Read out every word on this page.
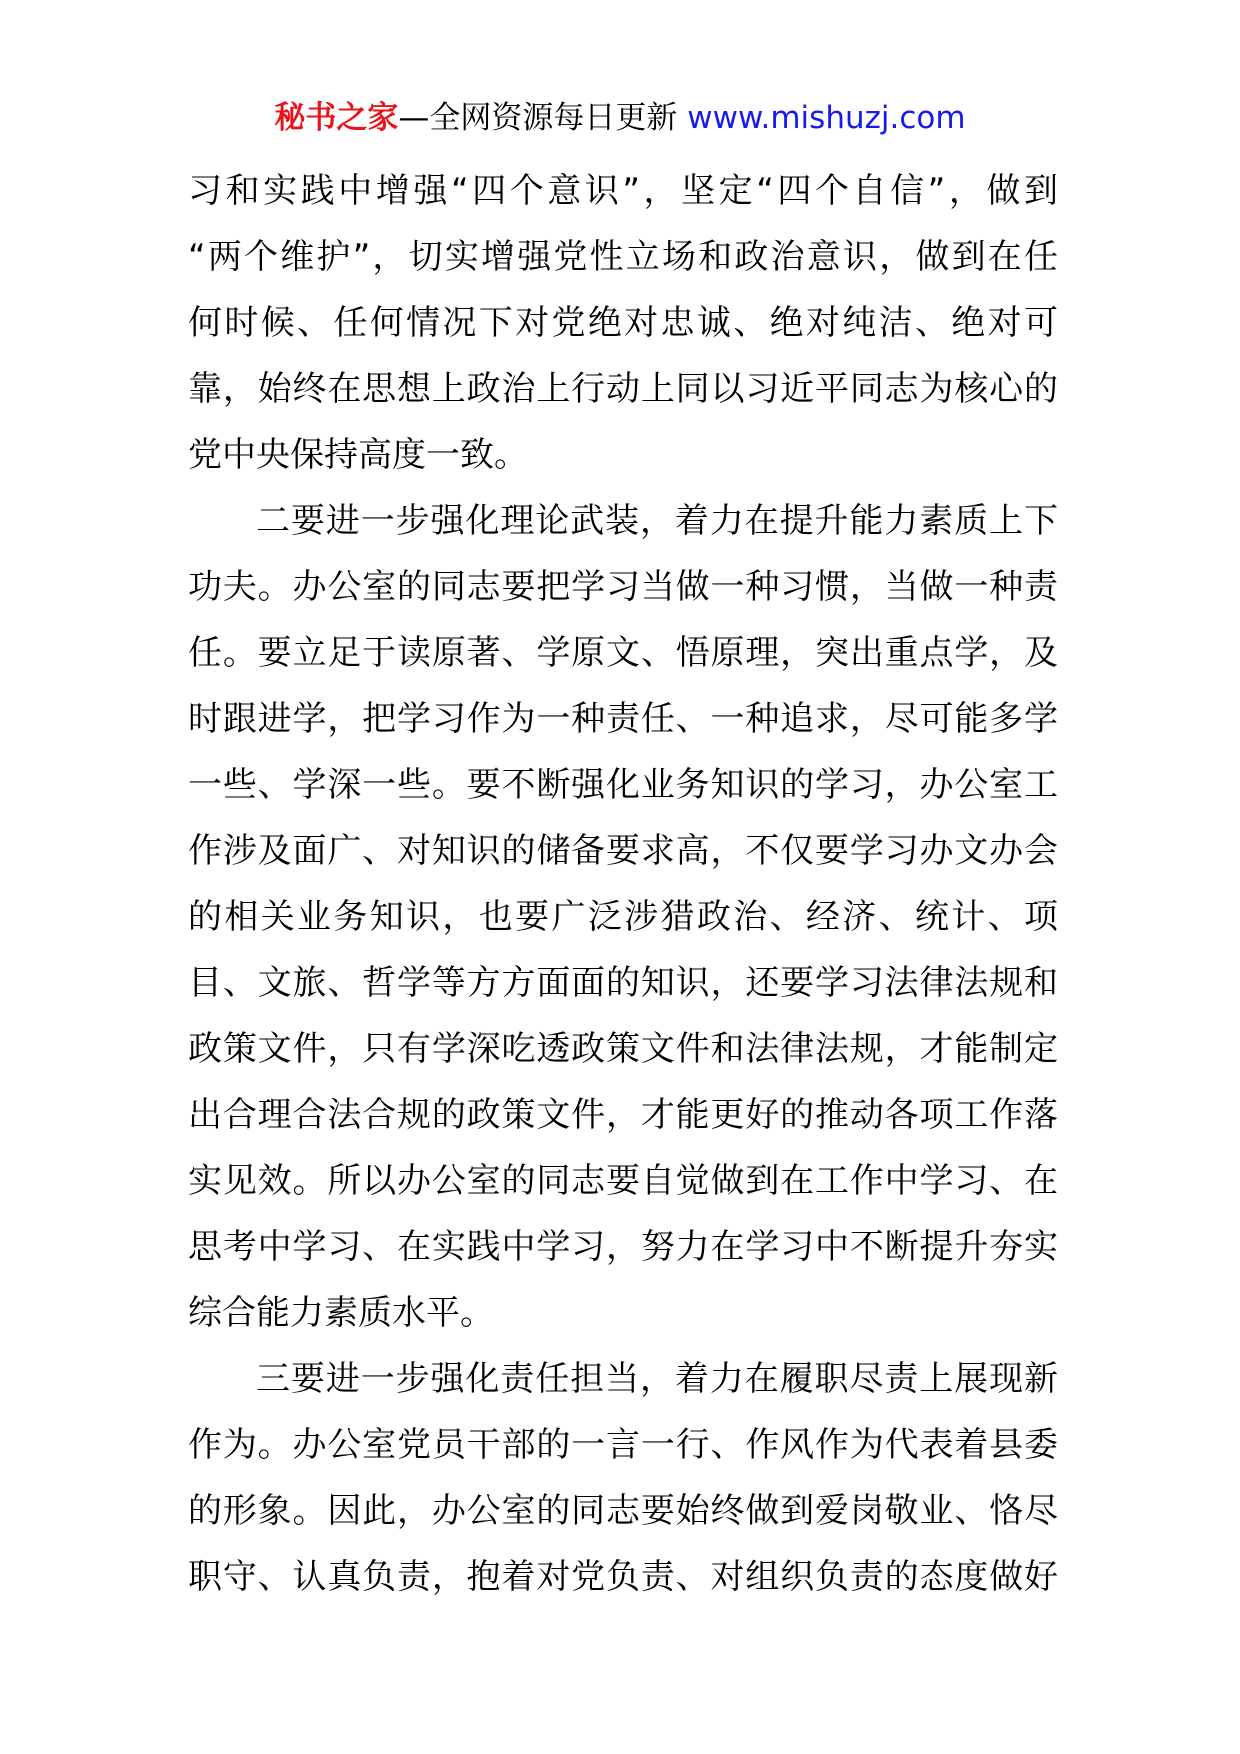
秘书之家—全网资源每日更新 www.mishuzj.com
习和实践中增强“四个意识”，坚定“四个自信”，做到
“两个维护”，切实增强党性立场和政治意识，做到在任
何时候、任何情况下对党绝对忠诚、绝对纯洁、绝对可
靠，始终在思想上政治上行动上同以习近平同志为核心的
党中央保持高度一致。
二要进一步强化理论武装，着力在提升能力素质上下
功夫。办公室的同志要把学习当做一种习惯，当做一种责
任。要立足于读原著、学原文、悟原理，突出重点学，及
时跟进学，把学习作为一种责任、一种追求，尽可能多学
一些、学深一些。要不断强化业务知识的学习，办公室工
作涉及面广、对知识的储备要求高，不仅要学习办文办会
的相关业务知识，也要广泛涉猎政治、经济、统计、项
目、文旅、哲学等方方面面的知识，还要学习法律法规和
政策文件，只有学深吃透政策文件和法律法规，才能制定
出合理合法合规的政策文件，才能更好的推动各项工作落
实见效。所以办公室的同志要自觉做到在工作中学习、在
思考中学习、在实践中学习，努力在学习中不断提升夯实
综合能力素质水平。
三要进一步强化责任担当，着力在履职尽责上展现新
作为。办公室党员干部的一言一行、作风作为代表着县委
的形象。因此，办公室的同志要始终做到爱岗敬业、恪尽
职守、认真负责，抱着对党负责、对组织负责的态度做好
